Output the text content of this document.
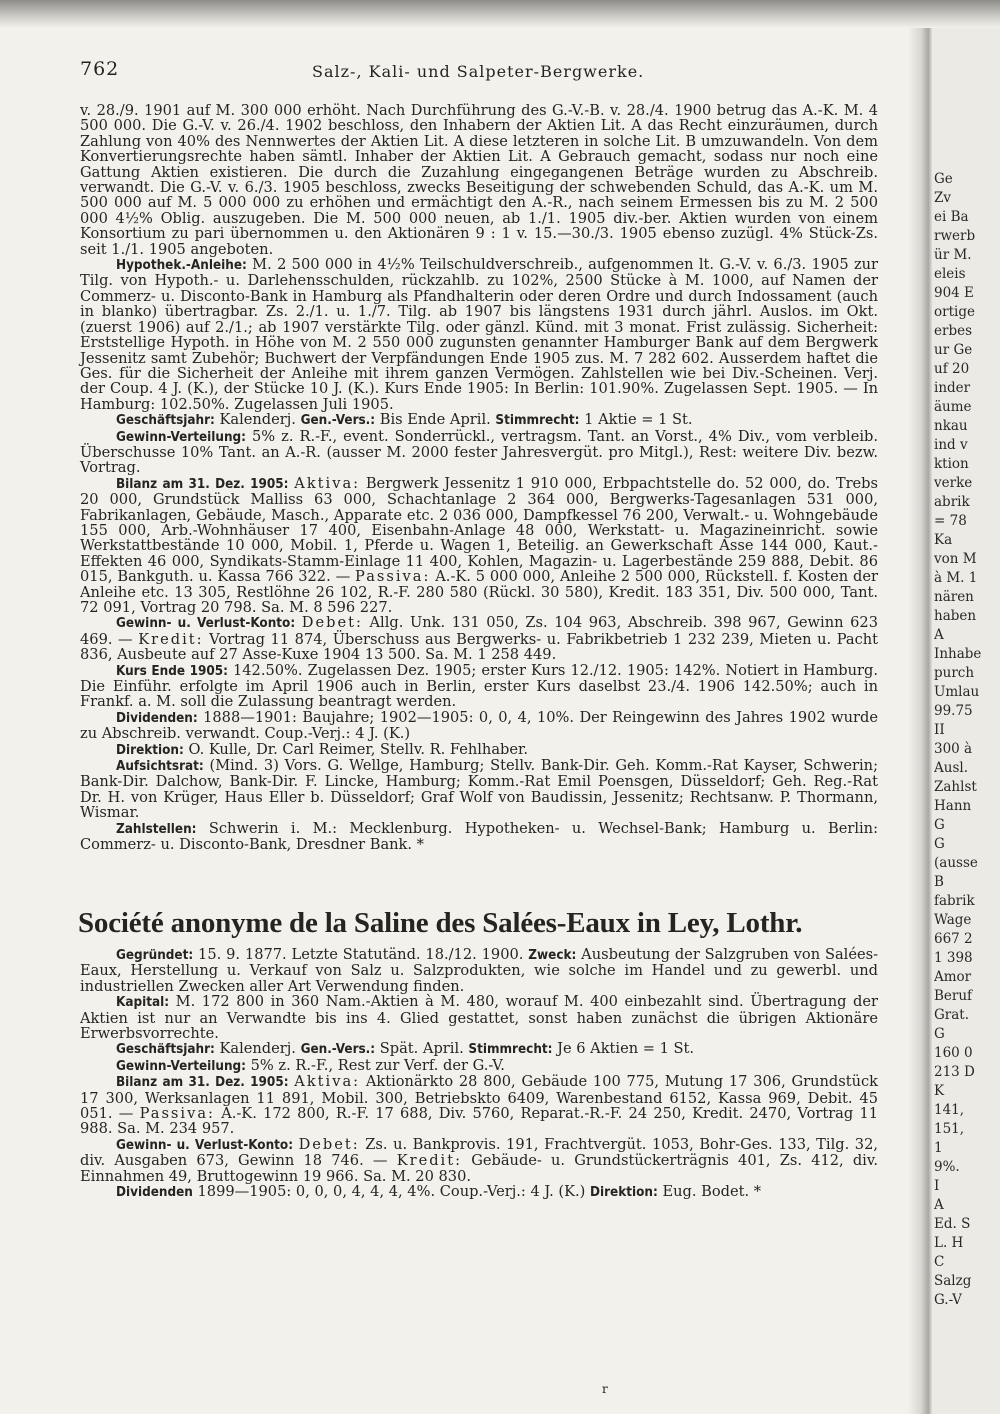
762	Salz-, Kali- und Salpeter-Bergwerke.
v. 28./9. 1901 auf M. 300 000 erhöht. Nach Durchführung des G.-V.-B. v. 28./4. 1900 betrug das A.-K. M. 4 500 000. Die G.-V. v. 26./4. 1902 beschloss, den Inhabern der Aktien Lit. A das Recht einzuräumen, durch Zahlung von 40% des Nennwertes der Aktien Lit. A diese letzteren in solche Lit. B umzuwandeln. Von dem Konvertierungsrechte haben sämtl. Inhaber der Aktien Lit. A Gebrauch gemacht, sodass nur noch eine Gattung Aktien existieren. Die durch die Zuzahlung eingegangenen Beträge wurden zu Abschreib. verwandt. Die G.-V. v. 6./3. 1905 beschloss, zwecks Beseitigung der schwebenden Schuld, das A.-K. um M. 500 000 auf M. 5 000 000 zu erhöhen und ermächtigt den A.-R., nach seinem Ermessen bis zu M. 2 500 000 4½% Oblig. auszugeben. Die M. 500 000 neuen, ab 1./1. 1905 div.-ber. Aktien wurden von einem Konsortium zu pari übernommen u. den Aktionären 9 : 1 v. 15.—30./3. 1905 ebenso zuzügl. 4% Stück-Zs. seit 1./1. 1905 angeboten.
Hypothek.-Anleihe: M. 2 500 000 in 4½% Teilschuldverschreib., aufgenommen lt. G.-V. v. 6./3. 1905 zur Tilg. von Hypoth.- u. Darlehensschulden, rückzahlb. zu 102%, 2500 Stücke à M. 1000, auf Namen der Commerz- u. Disconto-Bank in Hamburg als Pfandhalterin oder deren Ordre und durch Indossament (auch in blanko) übertragbar. Zs. 2./1. u. 1./7. Tilg. ab 1907 bis längstens 1931 durch jährl. Auslos. im Okt. (zuerst 1906) auf 2./1.; ab 1907 verstärkte Tilg. oder gänzl. Künd. mit 3 monat. Frist zulässig. Sicherheit: Erststellige Hypoth. in Höhe von M. 2 550 000 zugunsten genannter Hamburger Bank auf dem Bergwerk Jessenitz samt Zubehör; Buchwert der Verpfändungen Ende 1905 zus. M. 7 282 602. Ausserdem haftet die Ges. für die Sicherheit der Anleihe mit ihrem ganzen Vermögen. Zahlstellen wie bei Div.-Scheinen. Verj. der Coup. 4 J. (K.), der Stücke 10 J. (K.). Kurs Ende 1905: In Berlin: 101.90%. Zugelassen Sept. 1905. — In Hamburg: 102.50%. Zugelassen Juli 1905.
Geschäftsjahr: Kalenderj. Gen.-Vers.: Bis Ende April. Stimmrecht: 1 Aktie = 1 St.
Gewinn-Verteilung: 5% z. R.-F., event. Sonderrückl., vertragsm. Tant. an Vorst., 4% Div., vom verbleib. Überschusse 10% Tant. an A.-R. (ausser M. 2000 fester Jahresvergüt. pro Mitgl.), Rest: weitere Div. bezw. Vortrag.
Bilanz am 31. Dez. 1905: Aktiva: Bergwerk Jessenitz 1 910 000, Erbpachtstelle do. 52 000, do. Trebs 20 000, Grundstück Malliss 63 000, Schachtanlage 2 364 000, Bergwerks-Tagesanlagen 531 000, Fabrikanlagen, Gebäude, Masch., Apparate etc. 2 036 000, Dampfkessel 76 200, Verwalt.- u. Wohngebäude 155 000, Arb.-Wohnhäuser 17 400, Eisenbahn-Anlage 48 000, Werkstatt- u. Magazineinricht. sowie Werkstattbestände 10 000, Mobil. 1, Pferde u. Wagen 1, Beteilig. an Gewerkschaft Asse 144 000, Kaut.-Effekten 46 000, Syndikats-Stamm-Einlage 11 400, Kohlen, Magazin- u. Lagerbestände 259 888, Debit. 86 015, Bankguth. u. Kassa 766 322. — Passiva: A.-K. 5 000 000, Anleihe 2 500 000, Rückstell. f. Kosten der Anleihe etc. 13 305, Restlöhne 26 102, R.-F. 280 580 (Rückl. 30 580), Kredit. 183 351, Div. 500 000, Tant. 72 091, Vortrag 20 798. Sa. M. 8 596 227.
Gewinn- u. Verlust-Konto: Debet: Allg. Unk. 131 050, Zs. 104 963, Abschreib. 398 967, Gewinn 623 469. — Kredit: Vortrag 11 874, Überschuss aus Bergwerks- u. Fabrikbetrieb 1 232 239, Mieten u. Pacht 836, Ausbeute auf 27 Asse-Kuxe 1904 13 500. Sa. M. 1 258 449.
Kurs Ende 1905: 142.50%. Zugelassen Dez. 1905; erster Kurs 12./12. 1905: 142%. Notiert in Hamburg. Die Einführ. erfolgte im April 1906 auch in Berlin, erster Kurs daselbst 23./4. 1906 142.50%; auch in Frankf. a. M. soll die Zulassung beantragt werden.
Dividenden: 1888—1901: Baujahre; 1902—1905: 0, 0, 4, 10%. Der Reingewinn des Jahres 1902 wurde zu Abschreib. verwandt. Coup.-Verj.: 4 J. (K.)
Direktion: O. Kulle, Dr. Carl Reimer, Stellv. R. Fehlhaber.
Aufsichtsrat: (Mind. 3) Vors. G. Wellge, Hamburg; Stellv. Bank-Dir. Geh. Komm.-Rat Kayser, Schwerin; Bank-Dir. Dalchow, Bank-Dir. F. Lincke, Hamburg; Komm.-Rat Emil Poensgen, Düsseldorf; Geh. Reg.-Rat Dr. H. von Krüger, Haus Eller b. Düsseldorf; Graf Wolf von Baudissin, Jessenitz; Rechtsanw. P. Thormann, Wismar.
Zahlstellen: Schwerin i. M.: Mecklenburg. Hypotheken- u. Wechsel-Bank; Hamburg u. Berlin: Commerz- u. Disconto-Bank, Dresdner Bank. *
Société anonyme de la Saline des Salées-Eaux in Ley, Lothr.
Gegründet: 15. 9. 1877. Letzte Statutänd. 18./12. 1900. Zweck: Ausbeutung der Salzgruben von Salées-Eaux, Herstellung u. Verkauf von Salz u. Salzprodukten, wie solche im Handel und zu gewerbl. und industriellen Zwecken aller Art Verwendung finden.
Kapital: M. 172 800 in 360 Nam.-Aktien à M. 480, worauf M. 400 einbezahlt sind. Übertragung der Aktien ist nur an Verwandte bis ins 4. Glied gestattet, sonst haben zunächst die übrigen Aktionäre Erwerbsvorrechte.
Geschäftsjahr: Kalenderj. Gen.-Vers.: Spät. April. Stimmrecht: Je 6 Aktien = 1 St.
Gewinn-Verteilung: 5% z. R.-F., Rest zur Verf. der G.-V.
Bilanz am 31. Dez. 1905: Aktiva: Aktionärkto 28 800, Gebäude 100 775, Mutung 17 306, Grundstück 17 300, Werksanlagen 11 891, Mobil. 300, Betriebskto 6409, Warenbestand 6152, Kassa 969, Debit. 45 051. — Passiva: A.-K. 172 800, R.-F. 17 688, Div. 5760, Reparat.-R.-F. 24 250, Kredit. 2470, Vortrag 11 988. Sa. M. 234 957.
Gewinn- u. Verlust-Konto: Debet: Zs. u. Bankprovis. 191, Frachtvergüt. 1053, Bohr-Ges. 133, Tilg. 32, div. Ausgaben 673, Gewinn 18 746. — Kredit: Gebäude- u. Grundstückerträgnis 401, Zs. 412, div. Einnahmen 49, Bruttogewinn 19 966. Sa. M. 20 830.
Dividenden 1899—1905: 0, 0, 0, 4, 4, 4, 4%. Coup.-Verj.: 4 J. (K.) Direktion: Eug. Bodet. *
r
Ge
Zv
ei Ba
rwerb
ür M.
eleis
904 E
ortige
erbes
ur Ge
uf 20
inder
äume
nkau
ind v
ktion
verke
abrik
= 78
Ka
von M
à M. 1
nären
haben
A
Inhabe
purch
Umlau
99.75
II
300 à
Ausl.
Zahlst
Hann
G
G
(ausse
B
fabrik
Wage
667 2
1 398
Amor
Beruf
Grat.
G
160 0
213 D
K
141,
151,
1
9%.
I
A
Ed. S
L. H
C
Salzg
G.-V
